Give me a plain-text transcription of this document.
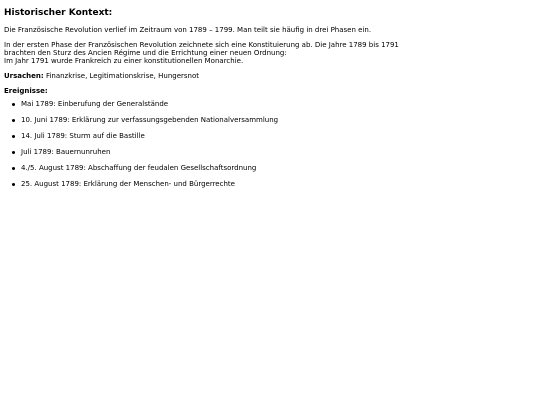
Historischer Kontext:

Die Französische Revolution verlief im Zeitraum von 1789 – 1799. Man teilt sie häufig in drei Phasen ein.

In der ersten Phase der Französischen Revolution zeichnete sich eine Konstituierung ab. Die Jahre 1789 bis 1791
brachten den Sturz des Ancien Régime und die Errichtung einer neuen Ordnung:
Im Jahr 1791 wurde Frankreich zu einer konstitutionellen Monarchie.

Ursachen: Finanzkrise, Legitimationskrise, Hungersnot
Ereignisse:
Mai 1789: Einberufung der Generalstände
10. Juni 1789: Erklärung zur verfassungsgebenden Nationalversammlung
14. Juli 1789: Sturm auf die Bastille
Juli 1789: Bauernunruhen
4./5. August 1789: Abschaffung der feudalen Gesellschaftsordnung
25. August 1789: Erklärung der Menschen- und Bürgerrechte
